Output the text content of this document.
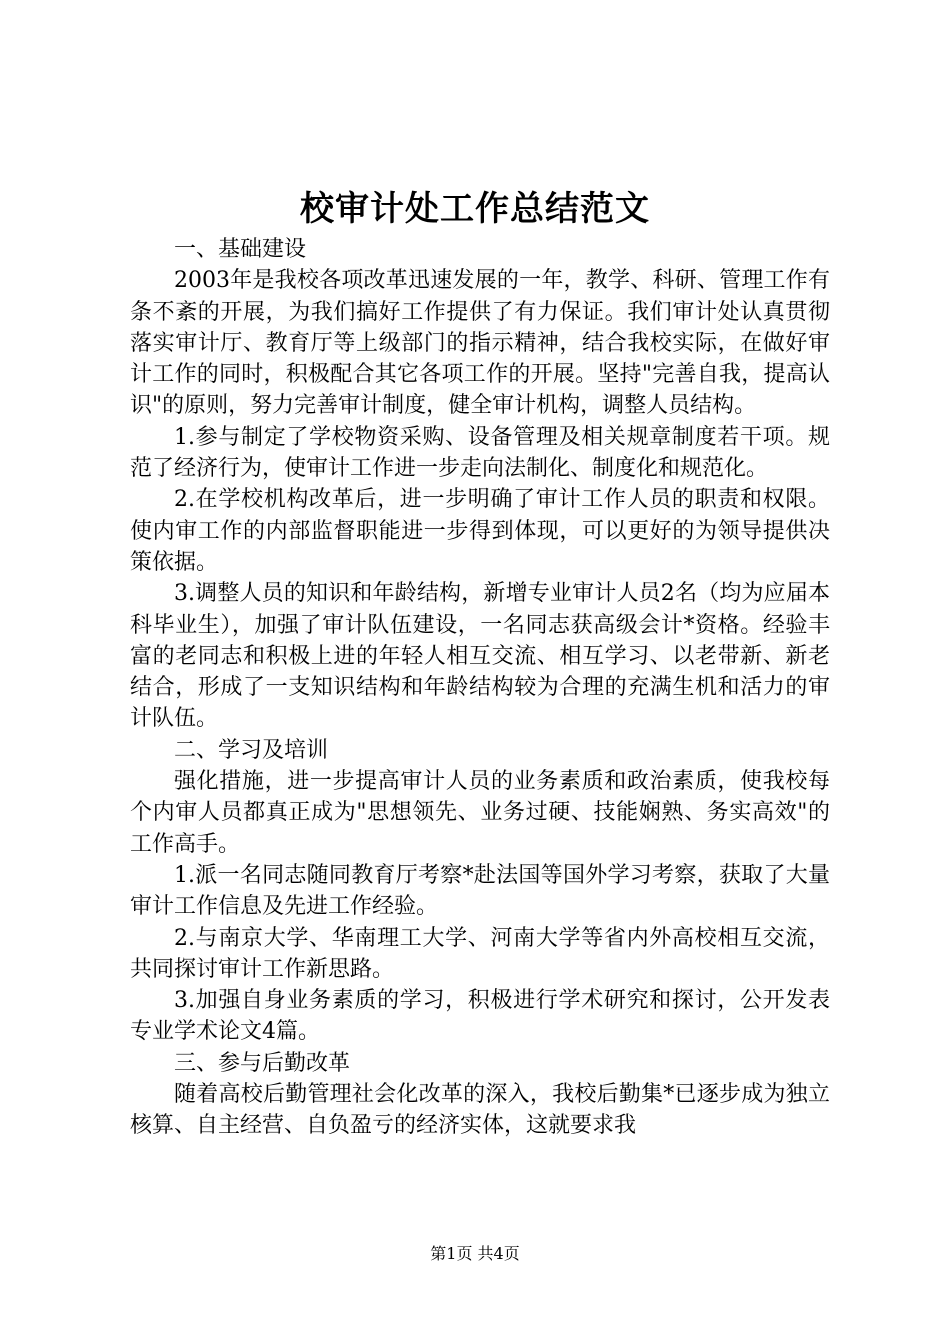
校审计处工作总结范文

一、基础建设

2003年是我校各项改革迅速发展的一年，教学、科研、管理工作有条不紊的开展，为我们搞好工作提供了有力保证。我们审计处认真贯彻落实审计厅、教育厅等上级部门的指示精神，结合我校实际，在做好审计工作的同时，积极配合其它各项工作的开展。坚持"完善自我，提高认识"的原则，努力完善审计制度，健全审计机构，调整人员结构。

1.参与制定了学校物资采购、设备管理及相关规章制度若干项。规范了经济行为，使审计工作进一步走向法制化、制度化和规范化。

2.在学校机构改革后，进一步明确了审计工作人员的职责和权限。使内审工作的内部监督职能进一步得到体现，可以更好的为领导提供决策依据。

3.调整人员的知识和年龄结构，新增专业审计人员2名（均为应届本科毕业生），加强了审计队伍建设，一名同志获高级会计*资格。经验丰富的老同志和积极上进的年轻人相互交流、相互学习、以老带新、新老结合，形成了一支知识结构和年龄结构较为合理的充满生机和活力的审计队伍。

二、学习及培训

强化措施，进一步提高审计人员的业务素质和政治素质，使我校每个内审人员都真正成为"思想领先、业务过硬、技能娴熟、务实高效"的工作高手。

1.派一名同志随同教育厅考察*赴法国等国外学习考察，获取了大量审计工作信息及先进工作经验。

2.与南京大学、华南理工大学、河南大学等省内外高校相互交流，共同探讨审计工作新思路。

3.加强自身业务素质的学习，积极进行学术研究和探讨，公开发表专业学术论文4篇。

三、参与后勤改革

随着高校后勤管理社会化改革的深入，我校后勤集*已逐步成为独立核算、自主经营、自负盈亏的经济实体，这就要求我

第1页 共4页
